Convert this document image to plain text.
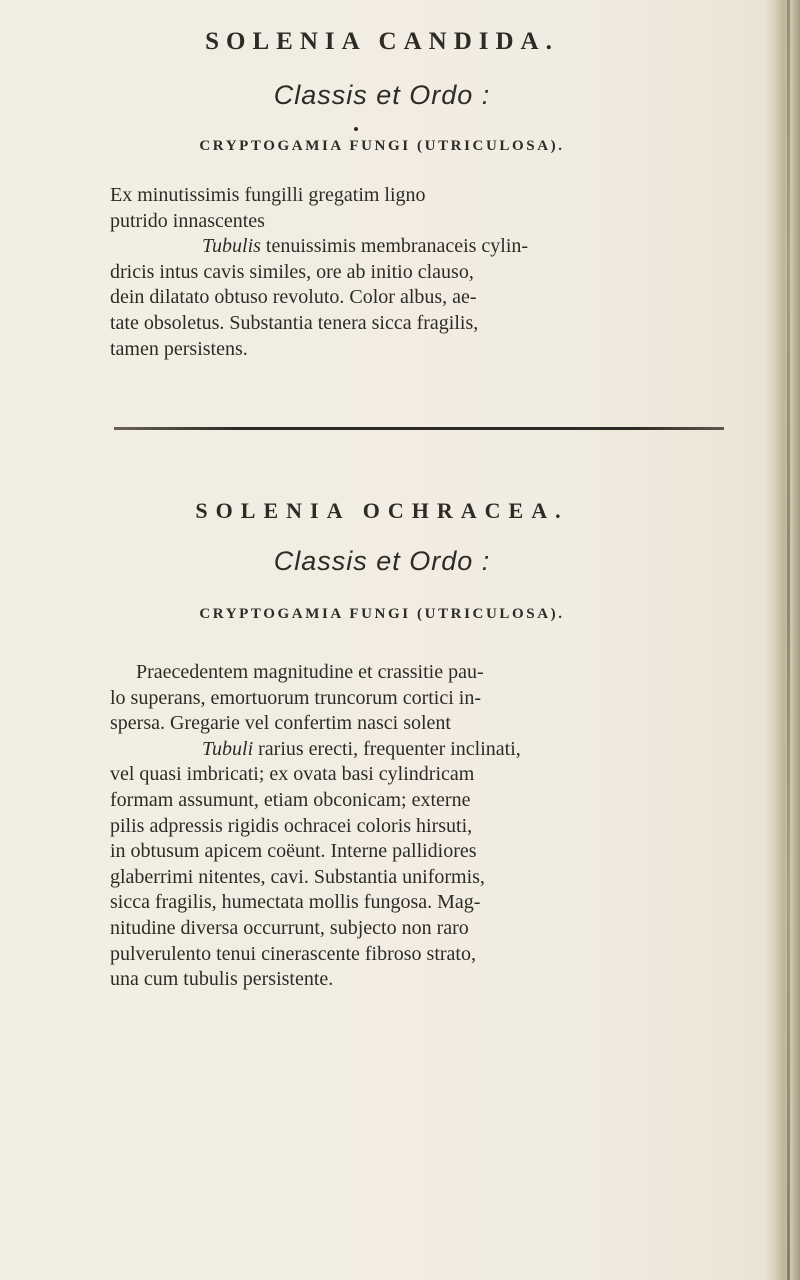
SOLENIA CANDIDA.
Classis et Ordo :
CRYPTOGAMIA FUNGI (UTRICULOSA).
Ex minutissimis fungilli gregatim ligno
putrido innascentes
Tubulis tenuissimis membranaceis cylin-
dricis intus cavis similes, ore ab initio clauso,
dein dilatato obtuso revoluto. Color albus, ae-
tate obsoletus. Substantia tenera sicca fragilis,
tamen persistens.
SOLENIA OCHRACEA.
Classis et Ordo :
CRYPTOGAMIA FUNGI (UTRICULOSA).
Praecedentem magnitudine et crassitie pau-
lo superans, emortuorum truncorum cortici in-
spersa. Gregarie vel confertim nasci solent
Tubuli rarius erecti, frequenter inclinati,
vel quasi imbricati; ex ovata basi cylindricam
formam assumunt, etiam obconicam; externe
pilis adpressis rigidis ochracei coloris hirsuti,
in obtusum apicem coëunt. Interne pallidiores
glaberrimi nitentes, cavi. Substantia uniformis,
sicca fragilis, humectata mollis fungosa. Mag-
nitudine diversa occurrunt, subjecto non raro
pulverulento tenui cinerascente fibroso strato,
una cum tubulis persistente.
